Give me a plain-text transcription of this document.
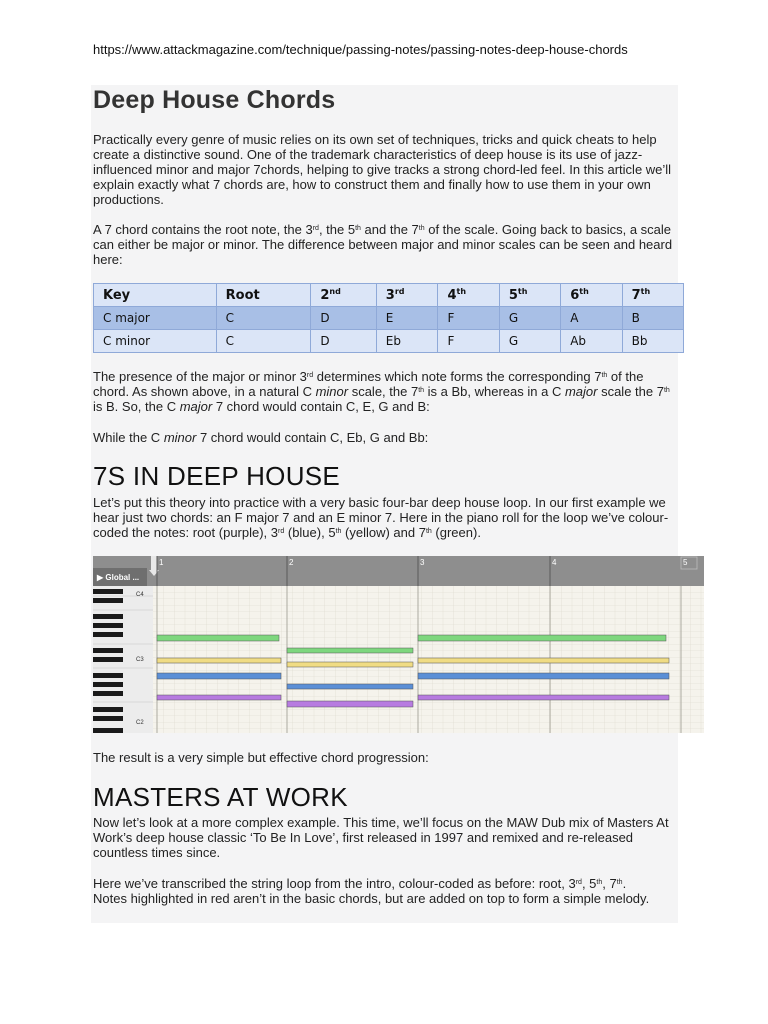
https://www.attackmagazine.com/technique/passing-notes/passing-notes-deep-house-chords
Deep House Chords
Practically every genre of music relies on its own set of techniques, tricks and quick cheats to help create a distinctive sound. One of the trademark characteristics of deep house is its use of jazz-influenced minor and major 7chords, helping to give tracks a strong chord-led feel. In this article we’ll explain exactly what 7 chords are, how to construct them and finally how to use them in your own productions.
A 7 chord contains the root note, the 3rd, the 5th and the 7th of the scale. Going back to basics, a scale can either be major or minor. The difference between major and minor scales can be seen and heard here:
Key	Root	2nd	3rd	4th	5th	6th	7th
C major	C	D	E	F	G	A	B
C minor	C	D	Eb	F	G	Ab	Bb
The presence of the major or minor 3rd determines which note forms the corresponding 7th of the chord. As shown above, in a natural C minor scale, the 7th is a Bb, whereas in a C major scale the 7th is B. So, the C major 7 chord would contain C, E, G and B:
While the C minor 7 chord would contain C, Eb, G and Bb:
7S IN DEEP HOUSE
Let’s put this theory into practice with a very basic four-bar deep house loop. In our first example we hear just two chords: an F major 7 and an E minor 7. Here in the piano roll for the loop we’ve colour-coded the notes: root (purple), 3rd (blue), 5th (yellow) and 7th (green).
▶ Global ...
1	2	3	4	5
C4
C3
C2
The result is a very simple but effective chord progression:
MASTERS AT WORK
Now let’s look at a more complex example. This time, we’ll focus on the MAW Dub mix of Masters At Work’s deep house classic ‘To Be In Love’, first released in 1997 and remixed and re-released countless times since.
Here we’ve transcribed the string loop from the intro, colour-coded as before: root, 3rd, 5th, 7th.
Notes highlighted in red aren’t in the basic chords, but are added on top to form a simple melody.
